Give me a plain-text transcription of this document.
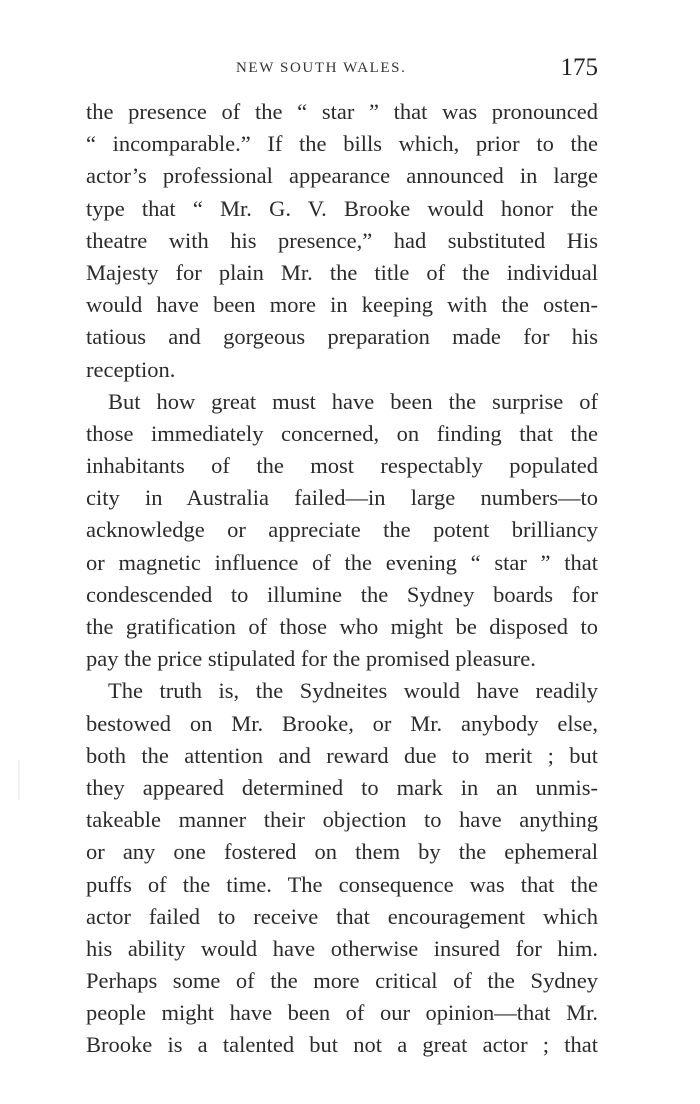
NEW SOUTH WALES.	175
the presence of the “ star ” that was pronounced
“ incomparable.” If the bills which, prior to the
actor’s professional appearance announced in large
type that “ Mr. G. V. Brooke would honor the
theatre with his presence,” had substituted His
Majesty for plain Mr. the title of the individual
would have been more in keeping with the osten-
tatious and gorgeous preparation made for his
reception.
But how great must have been the surprise of
those immediately concerned, on finding that the
inhabitants of the most respectably populated
city in Australia failed—in large numbers—to
acknowledge or appreciate the potent brilliancy
or magnetic influence of the evening “ star ” that
condescended to illumine the Sydney boards for
the gratification of those who might be disposed to
pay the price stipulated for the promised pleasure.
The truth is, the Sydneites would have readily
bestowed on Mr. Brooke, or Mr. anybody else,
both the attention and reward due to merit ; but
they appeared determined to mark in an unmis-
takeable manner their objection to have anything
or any one fostered on them by the ephemeral
puffs of the time. The consequence was that the
actor failed to receive that encouragement which
his ability would have otherwise insured for him.
Perhaps some of the more critical of the Sydney
people might have been of our opinion—that Mr.
Brooke is a talented but not a great actor ; that
